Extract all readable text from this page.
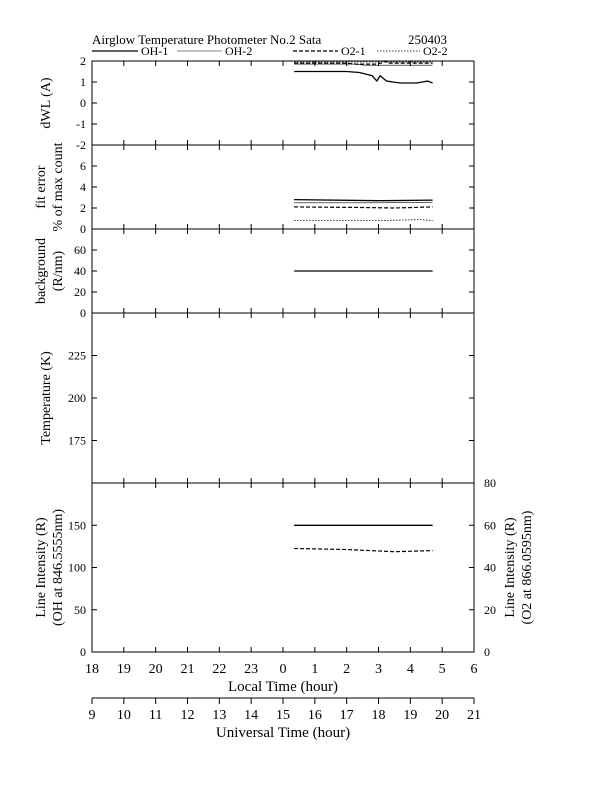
Airglow Temperature Photometer No.2 Sata	250403
OH-1	OH-2	O2-1	O2-2
-2
-1
0
1
2
dWL (A)
0
2
4
6
fit error % of max count
0
20
40
60
background (R/nm)
175
200
225
Temperature (K)
0
50
100
150
Line Intensity (R) (OH at 846.5555nm)
0
20
40
60
80
Line Intensity (R) (O2 at 866.0595nm)
18 19 20 21 22 23 0 1 2 3 4 5 6
Local Time (hour)
9 10 11 12 13 14 15 16 17 18 19 20 21
Universal Time (hour)
